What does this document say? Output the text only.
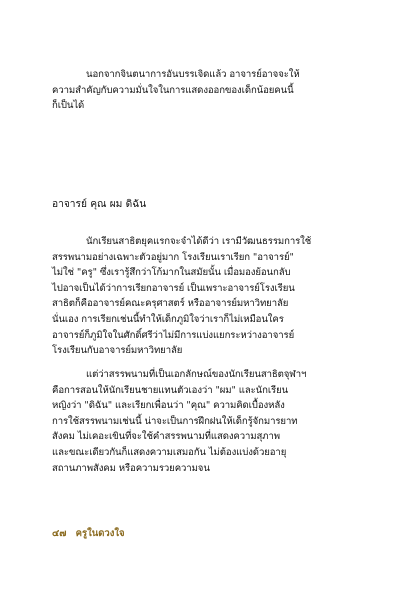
นอกจากจินตนาการอันบรรเจิดแล้ว อาจารย์อาจจะให้
ความสำคัญกับความมั่นใจในการแสดงออกของเด็กน้อยคนนี้
ก็เป็นได้
อาจารย์ คุณ ผม ดิฉัน
นักเรียนสาธิตยุคแรกจะจำได้ดีว่า เรามีวัฒนธรรมการใช้
สรรพนามอย่างเฉพาะตัวอยู่มาก โรงเรียนเราเรียก "อาจารย์"
ไม่ใช่ "ครู" ซึ่งเรารู้สึกว่าโก้มากในสมัยนั้น เมื่อมองย้อนกลับ
ไปอาจเป็นได้ว่าการเรียกอาจารย์ เป็นเพราะอาจารย์โรงเรียน
สาธิตก็คืออาจารย์คณะครุศาสตร์ หรืออาจารย์มหาวิทยาลัย
นั่นเอง การเรียกเช่นนี้ทำให้เด็กภูมิใจว่าเราก็ไม่เหมือนใคร
อาจารย์ก็ภูมิใจในศักดิ์ศรีว่าไม่มีการแบ่งแยกระหว่างอาจารย์
โรงเรียนกับอาจารย์มหาวิทยาลัย
แต่ว่าสรรพนามที่เป็นเอกลักษณ์ของนักเรียนสาธิตจุฬาฯ
คือการสอนให้นักเรียนชายแทนตัวเองว่า "ผม" และนักเรียน
หญิงว่า "ดิฉัน" และเรียกเพื่อนว่า "คุณ" ความคิดเบื้องหลัง
การใช้สรรพนามเช่นนี้ น่าจะเป็นการฝึกฝนให้เด็กรู้จักมารยาท
สังคม ไม่เคอะเขินที่จะใช้คำสรรพนามที่แสดงความสุภาพ
และขณะเดียวกันก็แสดงความเสมอกัน ไม่ต้องแบ่งด้วยอายุ
สถานภาพสังคม หรือความรวยความจน
๔๗ ครูในดวงใจ
